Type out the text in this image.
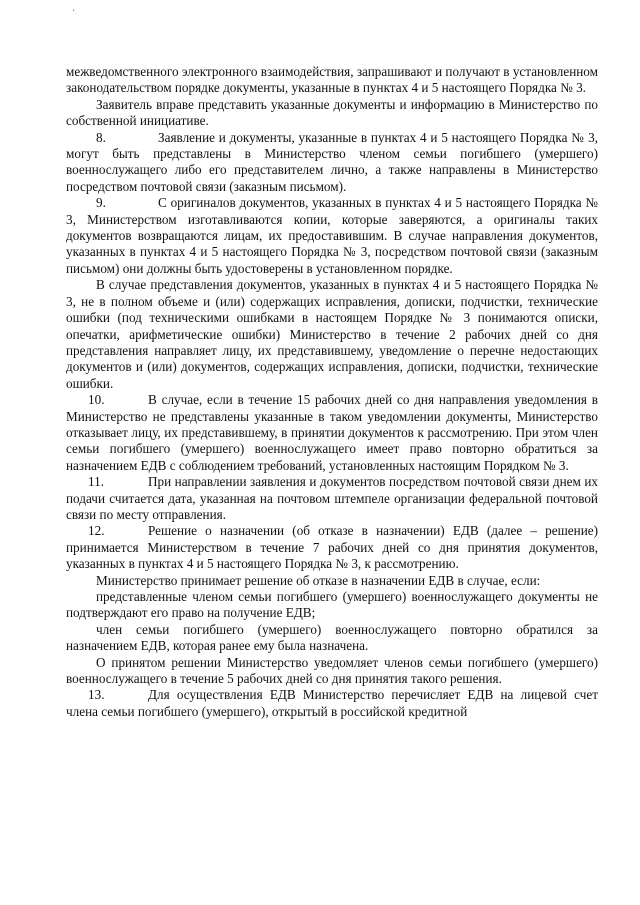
·

межведомственного электронного взаимодействия, запрашивают и получают в установленном законодательством порядке документы, указанные в пунктах 4 и 5 настоящего Порядка № 3.

Заявитель вправе представить указанные документы и информацию в Министерство по собственной инициативе.

8.	Заявление и документы, указанные в пунктах 4 и 5 настоящего Порядка № 3, могут быть представлены в Министерство членом семьи погибшего (умершего) военнослужащего либо его представителем лично, а также направлены в Министерство посредством почтовой связи (заказным письмом).

9.	С оригиналов документов, указанных в пунктах 4 и 5 настоящего Порядка № 3, Министерством изготавливаются копии, которые заверяются, а оригиналы таких документов возвращаются лицам, их предоставившим. В случае направления документов, указанных в пунктах 4 и 5 настоящего Порядка № 3, посредством почтовой связи (заказным письмом) они должны быть удостоверены в установленном порядке.

В случае представления документов, указанных в пунктах 4 и 5 настоящего Порядка № 3, не в полном объеме и (или) содержащих исправления, дописки, подчистки, технические ошибки (под техническими ошибками в настоящем Порядке № 3 понимаются описки, опечатки, арифметические ошибки) Министерство в течение 2 рабочих дней со дня представления направляет лицу, их представившему, уведомление о перечне недостающих документов и (или) документов, содержащих исправления, дописки, подчистки, технические ошибки.

10.	В случае, если в течение 15 рабочих дней со дня направления уведомления в Министерство не представлены указанные в таком уведомлении документы, Министерство отказывает лицу, их представившему, в принятии документов к рассмотрению. При этом член семьи погибшего (умершего) военнослужащего имеет право повторно обратиться за назначением ЕДВ с соблюдением требований, установленных настоящим Порядком № 3.

11.	При направлении заявления и документов посредством почтовой связи днем их подачи считается дата, указанная на почтовом штемпеле организации федеральной почтовой связи по месту отправления.

12.	Решение о назначении (об отказе в назначении) ЕДВ (далее – решение) принимается Министерством в течение 7 рабочих дней со дня принятия документов, указанных в пунктах 4 и 5 настоящего Порядка № 3, к рассмотрению.

Министерство принимает решение об отказе в назначении ЕДВ в случае, если:

представленные членом семьи погибшего (умершего) военнослужащего документы не подтверждают его право на получение ЕДВ;

член семьи погибшего (умершего) военнослужащего повторно обратился за назначением ЕДВ, которая ранее ему была назначена.

О принятом решении Министерство уведомляет членов семьи погибшего (умершего) военнослужащего в течение 5 рабочих дней со дня принятия такого решения.

13.	Для осуществления ЕДВ Министерство перечисляет ЕДВ на лицевой счет члена семьи погибшего (умершего), открытый в российской кредитной
